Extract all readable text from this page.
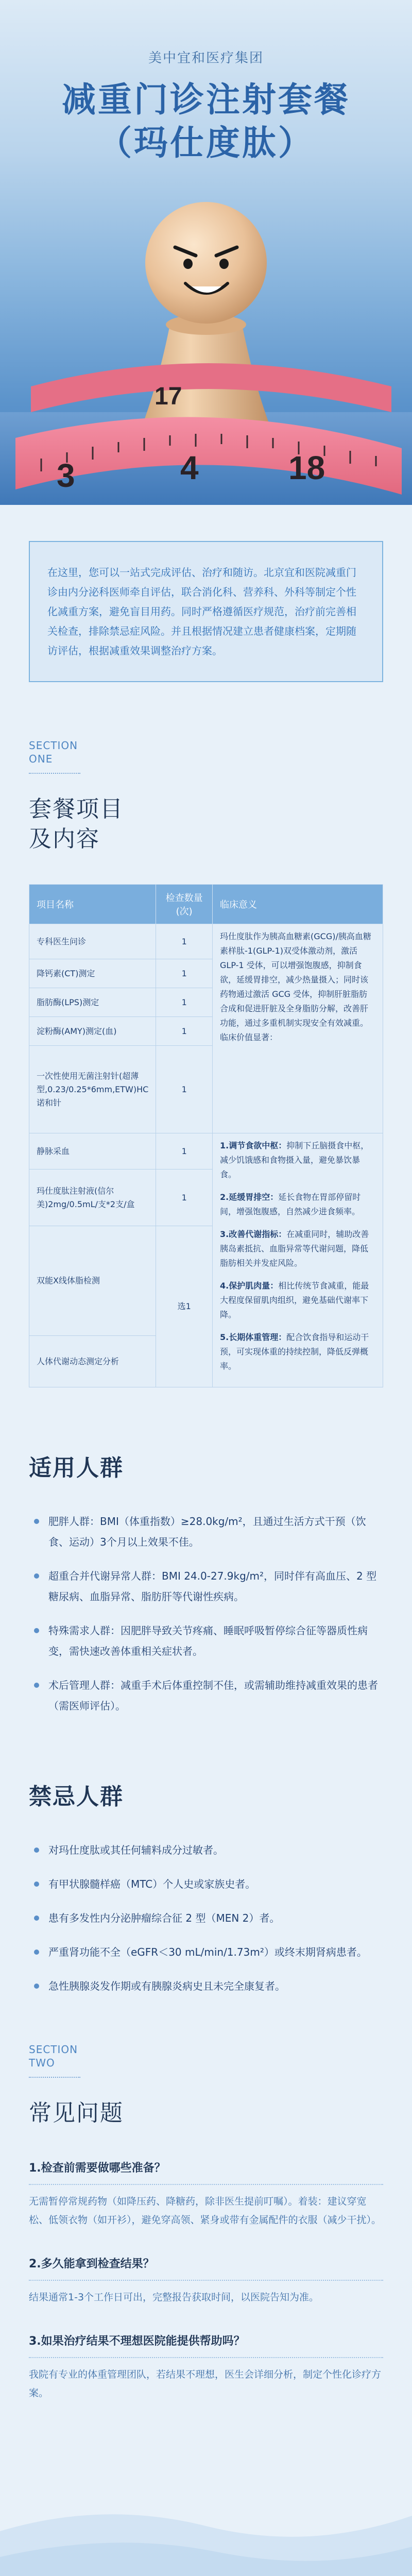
美中宜和医疗集团
减重门诊注射套餐
（玛仕度肽）
17
3	4	18
在这里，您可以一站式完成评估、治疗和随访。北京宜和医院减重门诊由内分泌科医师牵自评估，联合消化科、营养科、外科等制定个性化减重方案，避免盲目用药。同时严格遵循医疗规范，治疗前完善相关检查，排除禁忌症风险。并且根据情况建立患者健康档案，定期随访评估，根据减重效果调整治疗方案。
SECTION
ONE
套餐项目
及内容
项目名称	检查数量(次)	临床意义
专科医生问诊	1	玛仕度肽作为胰高血糖素(GCG)/胰高血糖素样肽-1(GLP-1)双受体激动剂，激活 GLP-1 受体，可以增强饱腹感，抑制食欲，延缓胃排空，减少热量摄入；同时该药物通过激活 GCG 受体，抑制肝脏脂肪合成和促进肝脏及全身脂肪分解，改善肝功能，通过多重机制实现安全有效减重。临床价值显著：

降钙素(CT)测定	1	
脂肪酶(LPS)测定	1	
淀粉酶(AMY)测定(血)	1	
一次性使用无菌注射针(超薄型,0.23/0.25*6mm,ETW)HC诺和针	1	
静脉采血	1	1.调节食欲中枢：抑制下丘脑摄食中枢，减少饥饿感和食物摄入量，避免暴饮暴食。

2.延缓胃排空：延长食物在胃部停留时间，增强饱腹感，自然减少进食频率。

3.改善代谢指标：在减重同时，辅助改善胰岛素抵抗、血脂异常等代谢问题，降低脂肪相关并发症风险。

4.保护肌肉量：相比传统节食减重，能最大程度保留肌肉组织，避免基础代谢率下降。

5.长期体重管理：配合饮食指导和运动干预，可实现体重的持续控制，降低反弹概率。

玛仕度肽注射液(信尔美)2mg/0.5mL/支*2支/盒	1	
双能X线体脂检测	选1	
人体代谢动态测定分析		
适用人群
肥胖人群：BMI（体重指数）≥28.0kg/m²，且通过生活方式干预（饮食、运动）3个月以上效果不佳。
超重合并代谢异常人群：BMI 24.0-27.9kg/m²，同时伴有高血压、2 型糖尿病、血脂异常、脂肪肝等代谢性疾病。
特殊需求人群：因肥胖导致关节疼痛、睡眠呼吸暂停综合征等器质性病变，需快速改善体重相关症状者。
术后管理人群：减重手术后体重控制不佳，或需辅助维持减重效果的患者（需医师评估）。
禁忌人群
对玛仕度肽或其任何辅料成分过敏者。
有甲状腺髓样癌（MTC）个人史或家族史者。
患有多发性内分泌肿瘤综合征 2 型（MEN 2）者。
严重肾功能不全（eGFR＜30 mL/min/1.73m²）或终末期肾病患者。
急性胰腺炎发作期或有胰腺炎病史且未完全康复者。
SECTION
TWO
常见问题
1.检查前需要做哪些准备？
无需暂停常规药物（如降压药、降糖药，除非医生提前叮嘱）。着装：建议穿宽松、低领衣物（如开衫），避免穿高领、紧身或带有金属配件的衣服（减少干扰）。
2.多久能拿到检查结果？
结果通常1-3个工作日可出，完整报告获取时间，以医院告知为准。
3.如果治疗结果不理想医院能提供帮助吗？
我院有专业的体重管理团队，若结果不理想，医生会详细分析，制定个性化诊疗方案。
